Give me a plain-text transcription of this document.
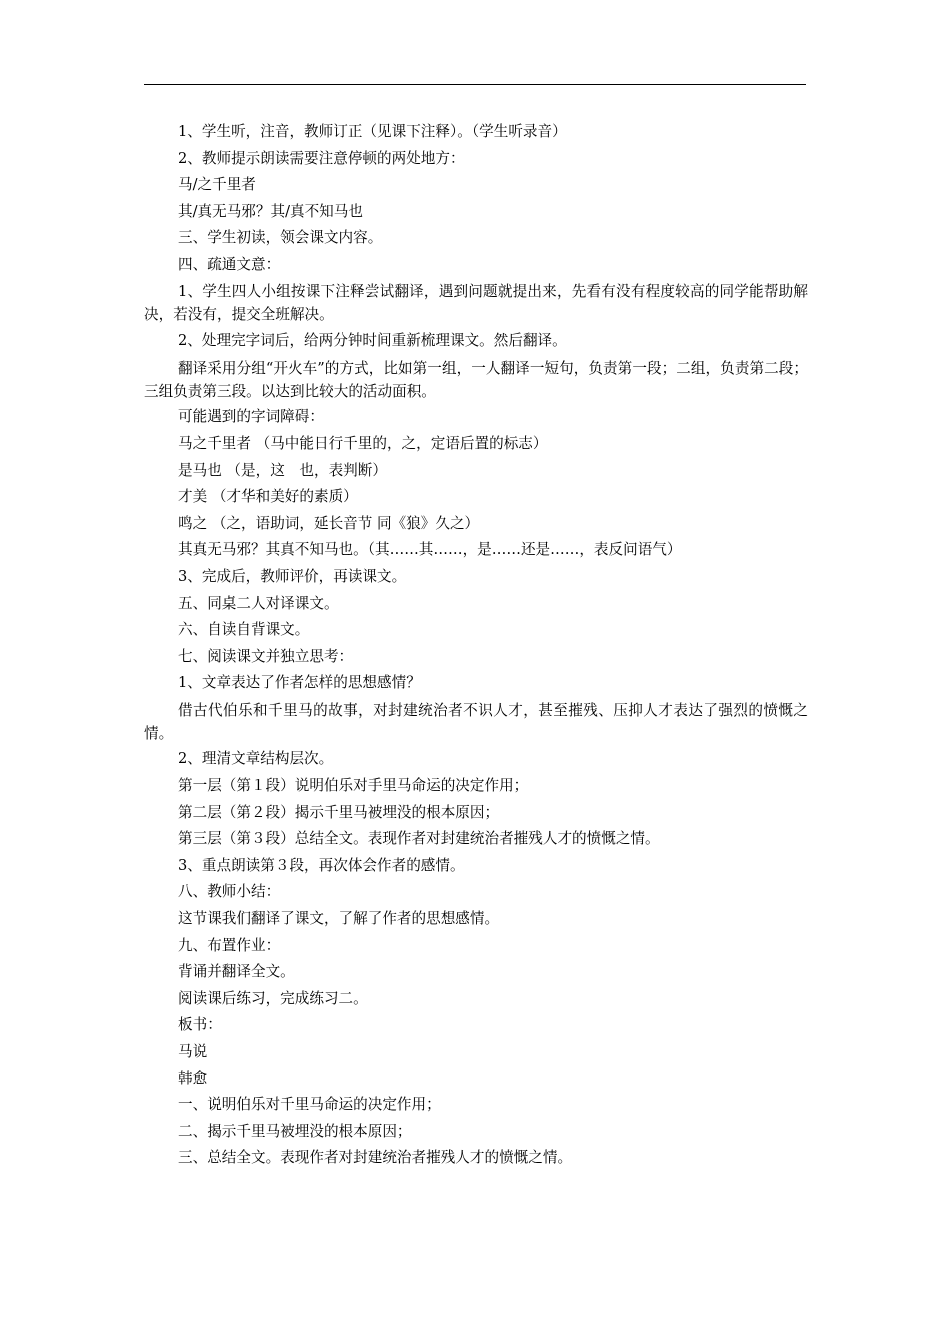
1、学生听，注音，教师订正（见课下注释）。（学生听录音）

2、教师提示朗读需要注意停顿的两处地方：

马/之千里者

其/真无马邪？其/真不知马也

三、学生初读，领会课文内容。

四、疏通文意：

1、学生四人小组按课下注释尝试翻译，遇到问题就提出来，先看有没有程度较高的同学能帮助解决，若没有，提交全班解决。

2、处理完字词后，给两分钟时间重新梳理课文。然后翻译。

翻译采用分组“开火车”的方式，比如第一组，一人翻译一短句，负责第一段；二组，负责第二段；三组负责第三段。以达到比较大的活动面积。

可能遇到的字词障碍：

马之千里者 （马中能日行千里的，之，定语后置的标志）

是马也 （是，这　也，表判断）

才美 （才华和美好的素质）

鸣之 （之，语助词，延长音节 同《狼》久之）

其真无马邪？其真不知马也。（其……其……，是……还是……，表反问语气）

3、完成后，教师评价，再读课文。

五、同桌二人对译课文。

六、自读自背课文。

七、阅读课文并独立思考：

1、文章表达了作者怎样的思想感情？

借古代伯乐和千里马的故事，对封建统治者不识人才，甚至摧残、压抑人才表达了强烈的愤慨之情。

2、理清文章结构层次。

第一层（第１段）说明伯乐对手里马命运的决定作用；

第二层（第２段）揭示千里马被埋没的根本原因；

第三层（第３段）总结全文。表现作者对封建统治者摧残人才的愤慨之情。

3、重点朗读第３段，再次体会作者的感情。

八、教师小结：

这节课我们翻译了课文，了解了作者的思想感情。

九、布置作业：

背诵并翻译全文。

阅读课后练习，完成练习二。

板书：

马说

韩愈

一、说明伯乐对千里马命运的决定作用；

二、揭示千里马被埋没的根本原因；

三、总结全文。表现作者对封建统治者摧残人才的愤慨之情。
